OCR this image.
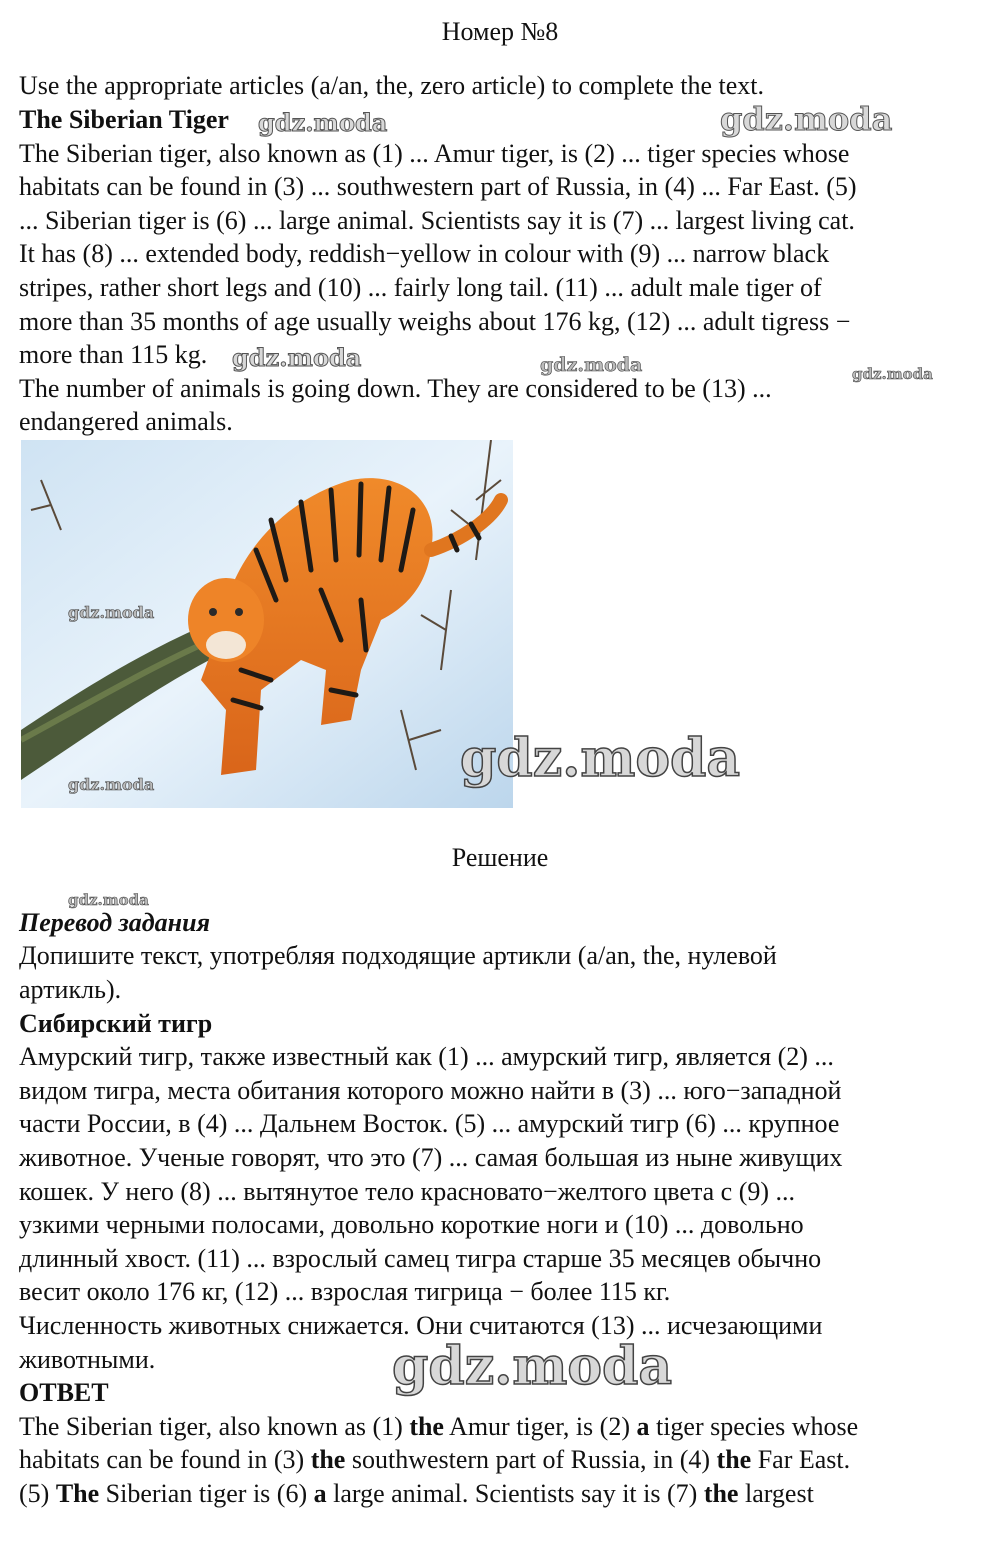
Номер №8
Use the appropriate articles (a/an, the, zero article) to complete the text.
The Siberian Tiger
The Siberian tiger, also known as (1) ... Amur tiger, is (2) ... tiger species whose
habitats can be found in (3) ... southwestern part of Russia, in (4) ... Far East. (5)
... Siberian tiger is (6) ... large animal. Scientists say it is (7) ... largest living cat.
It has (8) ... extended body, reddish−yellow in colour with (9) ... narrow black
stripes, rather short legs and (10) ... fairly long tail. (11) ... adult male tiger of
more than 35 months of age usually weighs about 176 kg, (12) ... adult tigress −
more than 115 kg.
The number of animals is going down. They are considered to be (13) ...
endangered animals.
Решение
Перевод задания
Допишите текст, употребляя подходящие артикли (a/an, the, нулевой
артикль).
Сибирский тигр
Амурский тигр, также известный как (1) ... амурский тигр, является (2) ...
видом тигра, места обитания которого можно найти в (3) ... юго−западной
части России, в (4) ... Дальнем Восток. (5) ... амурский тигр (6) ... крупное
животное. Ученые говорят, что это (7) ... самая большая из ныне живущих
кошек. У него (8) ... вытянутое тело красновато−желтого цвета с (9) ...
узкими черными полосами, довольно короткие ноги и (10) ... довольно
длинный хвост. (11) ... взрослый самец тигра старше 35 месяцев обычно
весит около 176 кг, (12) ... взрослая тигрица − более 115 кг.
Численность животных снижается. Они считаются (13) ... исчезающими
животными.
ОТВЕТ
The Siberian tiger, also known as (1) the Amur tiger, is (2) a tiger species whose
habitats can be found in (3) the southwestern part of Russia, in (4) the Far East.
(5) The Siberian tiger is (6) a large animal. Scientists say it is (7) the largest
gdz.moda	gdz.moda
gdz.moda	gdz.moda	gdz.moda
gdz.moda
gdz.moda	gdz.moda
gdz.moda
gdz.moda
